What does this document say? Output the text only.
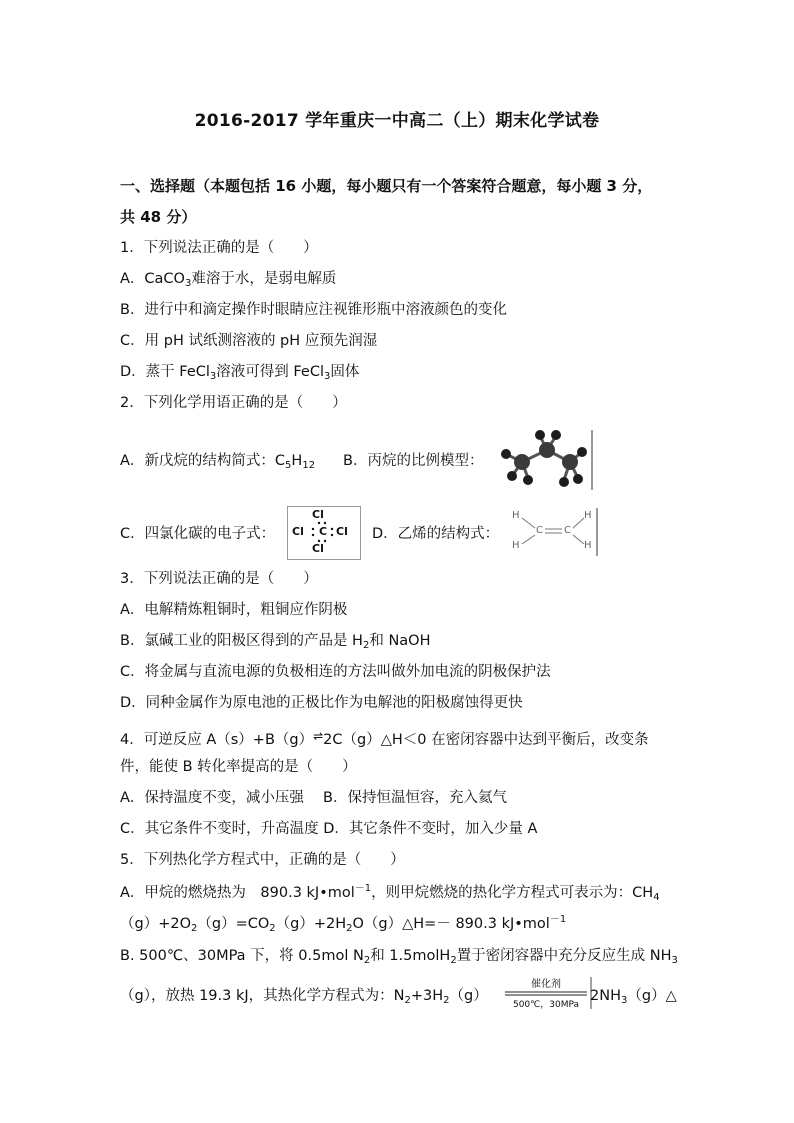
2016-2017 学年重庆一中高二（上）期末化学试卷
一、选择题（本题包括 16 小题，每小题只有一个答案符合题意，每小题 3 分，
共 48 分）
1．下列说法正确的是（　　）
A．CaCO$_3$难溶于水，是弱电解质
B．进行中和滴定操作时眼睛应注视锥形瓶中溶液颜色的变化
C．用 pH 试纸测溶液的 pH 应预先润湿
D．蒸干 FeCl$_3$溶液可得到 FeCl$_3$固体
2．下列化学用语正确的是（　　）
A．新戊烷的结构简式：$C_5H_{12}$ B．丙烷的比例模型：
C．四氯化碳的电子式：
Cl
Cl C Cl
Cl
D．乙烯的结构式：
H
H
H
H
C C
3．下列说法正确的是（　　）
A．电解精炼粗铜时，粗铜应作阴极
B．氯碱工业的阳极区得到的产品是 $H_2$和 NaOH
C．将金属与直流电源的负极相连的方法叫做外加电流的阴极保护法
D．同种金属作为原电池的正极比作为电解池的阳极腐蚀得更快
4．可逆反应 A（s）+B（g）⇌2C（g）△H＜0 在密闭容器中达到平衡后，改变条
件，能使 B 转化率提高的是（　　）
A．保持温度不变，减小压强　 B．保持恒温恒容，充入氦气
C．其它条件不变时，升高温度 D．其它条件不变时，加入少量 A
5．下列热化学方程式中，正确的是（　　）
A．甲烷的燃烧热为　890.3 kJ•mol$^{-1}$，则甲烷燃烧的热化学方程式可表示为：$CH_4$
$(g)+2O_2(g)=CO_2(g)+2H_2O(g)\triangle H=- 890.3$ kJ•mol$^{-1}$
B. 500℃、30MPa 下，将 0.5mol $N_2$和 1.5molH$_2$置于密闭容器中充分反应生成 $NH_3$
（g），放热 19.3 kJ，其热化学方程式为：$N_2+3H_2(g)$
催化剂
500℃，30MPa
$2NH_3(g)\triangle$
